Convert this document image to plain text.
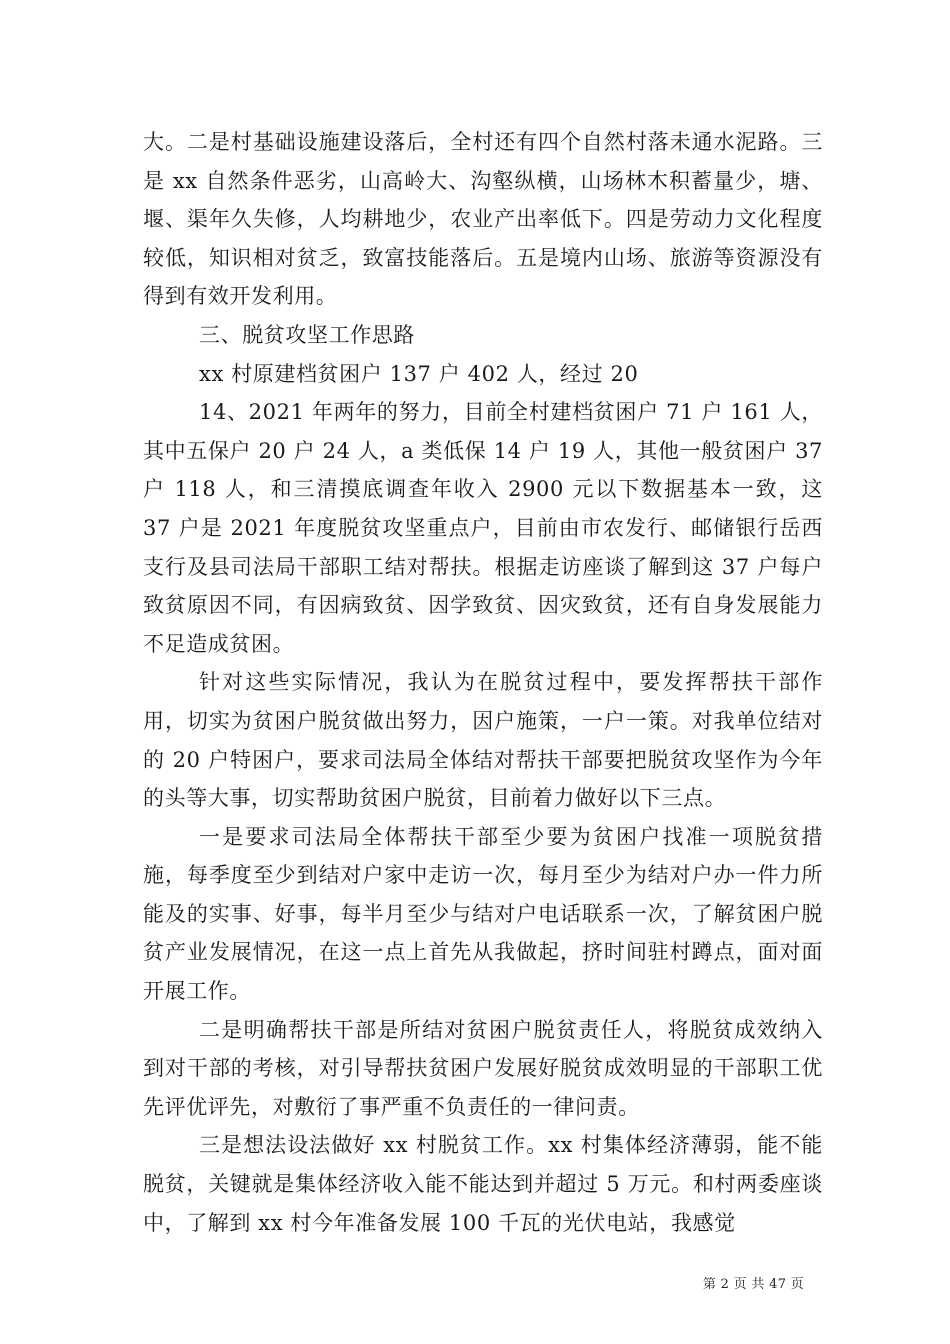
大。二是村基础设施建设落后，全村还有四个自然村落未通水泥路。三是 xx 自然条件恶劣，山高岭大、沟壑纵横，山场林木积蓄量少，塘、堰、渠年久失修，人均耕地少，农业产出率低下。四是劳动力文化程度较低，知识相对贫乏，致富技能落后。五是境内山场、旅游等资源没有得到有效开发利用。

三、脱贫攻坚工作思路

xx 村原建档贫困户 137 户 402 人，经过 20

14、2021 年两年的努力，目前全村建档贫困户 71 户 161 人，其中五保户 20 户 24 人，a 类低保 14 户 19 人，其他一般贫困户 37 户 118 人，和三清摸底调查年收入 2900 元以下数据基本一致，这 37 户是 2021 年度脱贫攻坚重点户，目前由市农发行、邮储银行岳西支行及县司法局干部职工结对帮扶。根据走访座谈了解到这 37 户每户致贫原因不同，有因病致贫、因学致贫、因灾致贫，还有自身发展能力不足造成贫困。

针对这些实际情况，我认为在脱贫过程中，要发挥帮扶干部作用，切实为贫困户脱贫做出努力，因户施策，一户一策。对我单位结对的 20 户特困户，要求司法局全体结对帮扶干部要把脱贫攻坚作为今年的头等大事，切实帮助贫困户脱贫，目前着力做好以下三点。

一是要求司法局全体帮扶干部至少要为贫困户找准一项脱贫措施，每季度至少到结对户家中走访一次，每月至少为结对户办一件力所能及的实事、好事，每半月至少与结对户电话联系一次，了解贫困户脱贫产业发展情况，在这一点上首先从我做起，挤时间驻村蹲点，面对面开展工作。

二是明确帮扶干部是所结对贫困户脱贫责任人，将脱贫成效纳入到对干部的考核，对引导帮扶贫困户发展好脱贫成效明显的干部职工优先评优评先，对敷衍了事严重不负责任的一律问责。

三是想法设法做好 xx 村脱贫工作。xx 村集体经济薄弱，能不能脱贫，关键就是集体经济收入能不能达到并超过 5 万元。和村两委座谈中，了解到 xx 村今年准备发展 100 千瓦的光伏电站，我感觉

第 2 页 共 47 页
